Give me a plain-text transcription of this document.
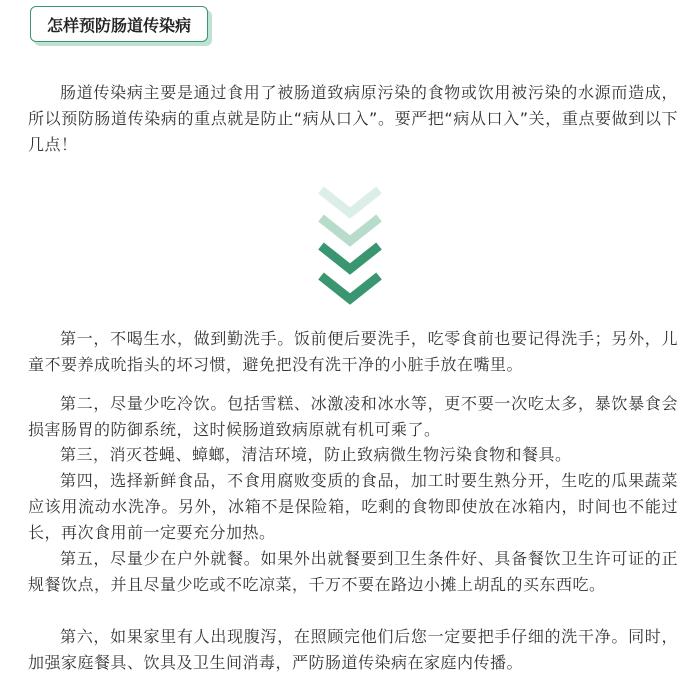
怎样预防肠道传染病

肠道传染病主要是通过食用了被肠道致病原污染的食物或饮用被污染的水源而造成，所以预防肠道传染病的重点就是防止“病从口入”。要严把“病从口入”关，重点要做到以下几点！

第一，不喝生水，做到勤洗手。饭前便后要洗手，吃零食前也要记得洗手；另外，儿童不要养成吮指头的坏习惯，避免把没有洗干净的小脏手放在嘴里。

第二，尽量少吃冷饮。包括雪糕、冰激凌和冰水等，更不要一次吃太多，暴饮暴食会损害肠胃的防御系统，这时候肠道致病原就有机可乘了。

第三，消灭苍蝇、蟑螂，清洁环境，防止致病微生物污染食物和餐具。

第四，选择新鲜食品，不食用腐败变质的食品，加工时要生熟分开，生吃的瓜果蔬菜应该用流动水洗净。另外，冰箱不是保险箱，吃剩的食物即使放在冰箱内，时间也不能过长，再次食用前一定要充分加热。

第五，尽量少在户外就餐。如果外出就餐要到卫生条件好、具备餐饮卫生许可证的正规餐饮点，并且尽量少吃或不吃凉菜，千万不要在路边小摊上胡乱的买东西吃。

第六，如果家里有人出现腹泻，在照顾完他们后您一定要把手仔细的洗干净。同时，加强家庭餐具、饮具及卫生间消毒，严防肠道传染病在家庭内传播。
